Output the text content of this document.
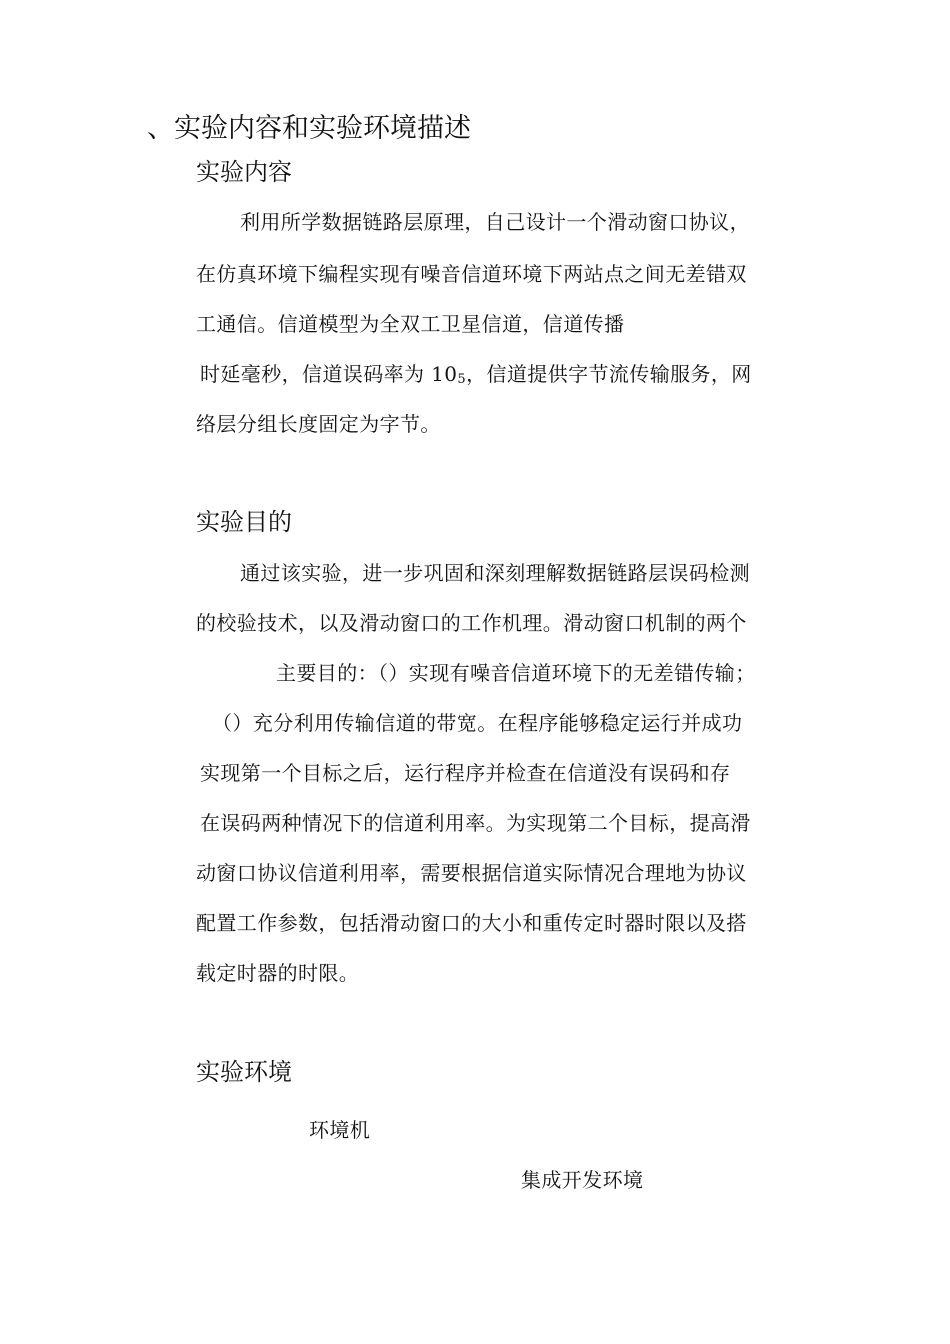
、实验内容和实验环境描述
实验内容

利用所学数据链路层原理，自己设计一个滑动窗口协议，

在仿真环境下编程实现有噪音信道环境下两站点之间无差错双

工通信。信道模型为全双工卫星信道，信道传播

时延毫秒，信道误码率为 $10_5$，信道提供字节流传输服务，网

络层分组长度固定为字节。

实验目的

通过该实验，进一步巩固和深刻理解数据链路层误码检测

的校验技术，以及滑动窗口的工作机理。滑动窗口机制的两个

主要目的：（）实现有噪音信道环境下的无差错传输；

（）充分利用传输信道的带宽。在程序能够稳定运行并成功

实现第一个目标之后，运行程序并检查在信道没有误码和存

在误码两种情况下的信道利用率。为实现第二个目标，提高滑

动窗口协议信道利用率，需要根据信道实际情况合理地为协议

配置工作参数，包括滑动窗口的大小和重传定时器时限以及搭

载定时器的时限。

实验环境

环境机

集成开发环境
